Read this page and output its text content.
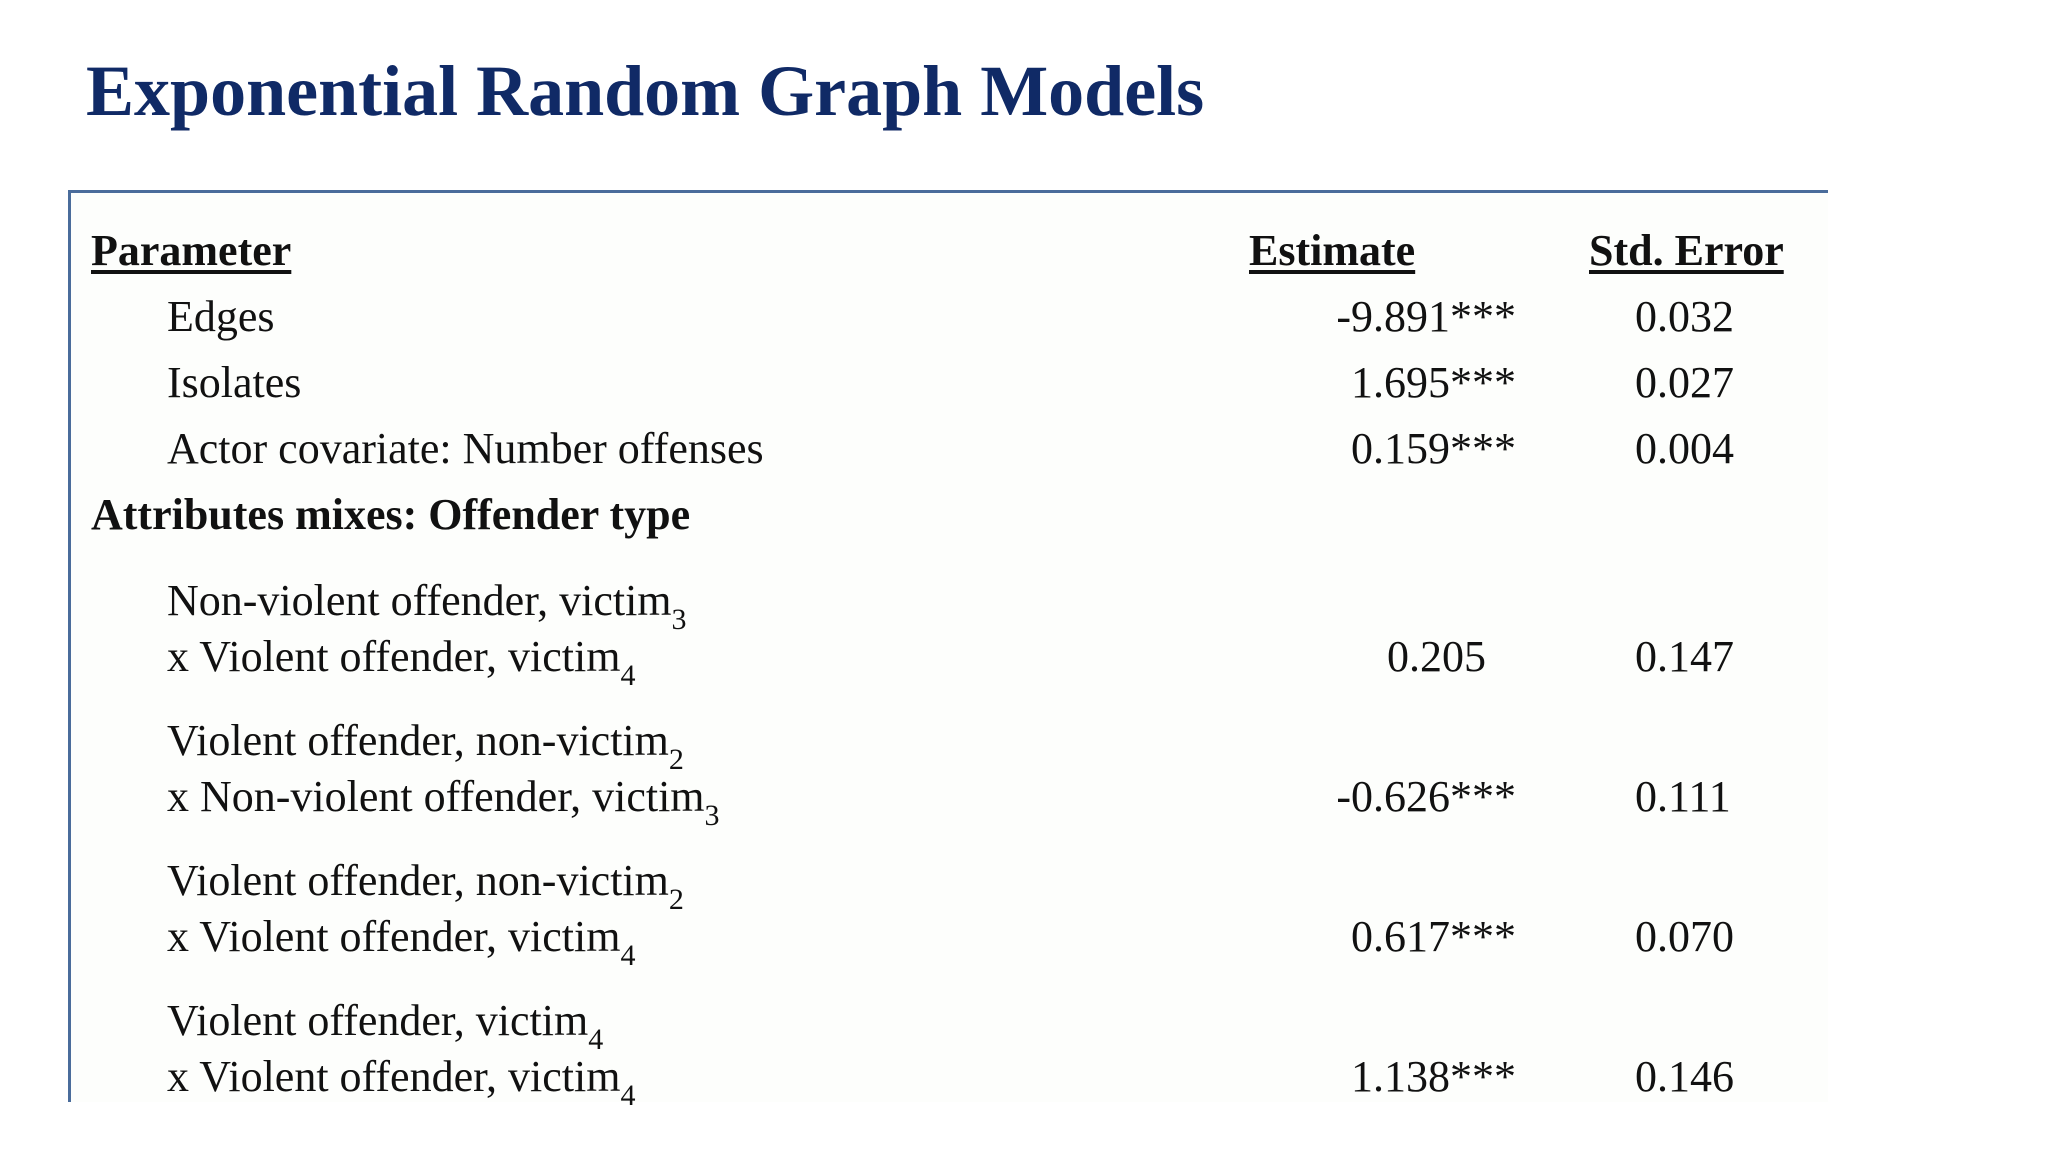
Exponential Random Graph Models
Parameter	Estimate	Std. Error
Edges	-9.891***	0.032
Isolates	1.695***	0.027
Actor covariate: Number offenses	0.159***	0.004
Attributes mixes: Offender type
Non-violent offender, victim$_3$
x Violent offender, victim$_4$	0.205	0.147
Violent offender, non-victim$_2$
x Non-violent offender, victim$_3$	-0.626***	0.111
Violent offender, non-victim$_2$
x Violent offender, victim$_4$	0.617***	0.070
Violent offender, victim$_4$
x Violent offender, victim$_4$	1.138***	0.146
